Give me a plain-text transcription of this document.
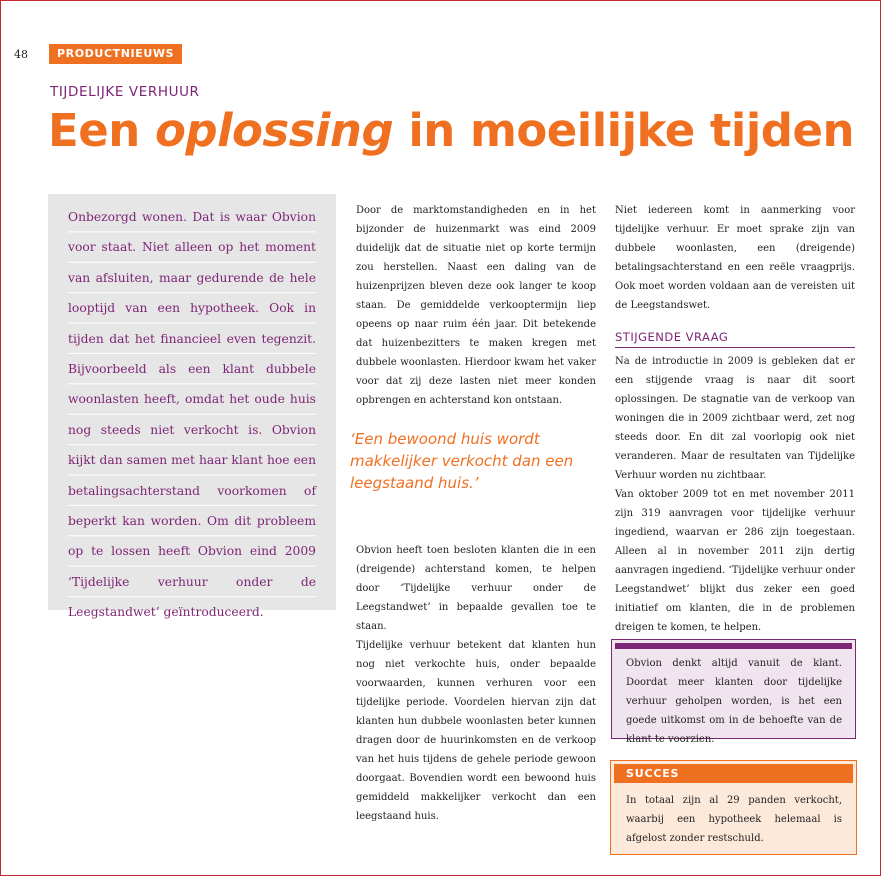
48	PRODUCTNIEUWS
TIJDELIJKE VERHUUR
Een oplossing in moeilijke tijden
Onbezorgd wonen. Dat is waar Obvion voor staat. Niet alleen op het moment van afsluiten, maar gedurende de hele looptijd van een hypotheek. Ook in tijden dat het financieel even tegenzit. Bijvoorbeeld als een klant dubbele woonlasten heeft, omdat het oude huis nog steeds niet verkocht is. Obvion kijkt dan samen met haar klant hoe een betalingsachterstand voorkomen of beperkt kan worden. Om dit probleem op te lossen heeft Obvion eind 2009 ‘Tijdelijke verhuur onder de Leegstandwet’ geïntroduceerd.

Door de marktomstandigheden en in het bijzonder de huizenmarkt was eind 2009 duidelijk dat de situatie niet op korte termijn zou herstellen. Naast een daling van de huizenprijzen bleven deze ook langer te koop staan. De gemiddelde verkooptermijn liep opeens op naar ruim één jaar. Dit betekende dat huizenbezitters te maken kregen met dubbele woonlasten. Hierdoor kwam het vaker voor dat zij deze lasten niet meer konden opbrengen en achterstand kon ontstaan.

‘Een bewoond huis wordt makkelijker verkocht dan een leegstaand huis.’

Obvion heeft toen besloten klanten die in een (dreigende) achterstand komen, te helpen door ‘Tijdelijke verhuur onder de Leegstandwet’ in bepaalde gevallen toe te staan.

Tijdelijke verhuur betekent dat klanten hun nog niet verkochte huis, onder bepaalde voorwaarden, kunnen verhuren voor een tijdelijke periode. Voordelen hiervan zijn dat klanten hun dubbele woonlasten beter kunnen dragen door de huurinkomsten en de verkoop van het huis tijdens de gehele periode gewoon doorgaat. Bovendien wordt een bewoond huis gemiddeld makkelijker verkocht dan een leegstaand huis.

Niet iedereen komt in aanmerking voor tijdelijke verhuur. Er moet sprake zijn van dubbele woonlasten, een (dreigende) betalingsachterstand en een reële vraagprijs. Ook moet worden voldaan aan de vereisten uit de Leegstandswet.

STIJGENDE VRAAG

Na de introductie in 2009 is gebleken dat er een stijgende vraag is naar dit soort oplossingen. De stagnatie van de verkoop van woningen die in 2009 zichtbaar werd, zet nog steeds door. En dit zal voorlopig ook niet veranderen. Maar de resultaten van Tijdelijke Verhuur worden nu zichtbaar.

Van oktober 2009 tot en met november 2011 zijn 319 aanvragen voor tijdelijke verhuur ingediend, waarvan er 286 zijn toegestaan. Alleen al in november 2011 zijn dertig aanvragen ingediend. ‘Tijdelijke verhuur onder Leegstandwet’ blijkt dus zeker een goed initiatief om klanten, die in de problemen dreigen te komen, te helpen.

Obvion denkt altijd vanuit de klant. Doordat meer klanten door tijdelijke verhuur geholpen worden, is het een goede uitkomst om in de behoefte van de klant te voorzien.
SUCCES
In totaal zijn al 29 panden verkocht, waarbij een hypotheek helemaal is afgelost zonder restschuld.
